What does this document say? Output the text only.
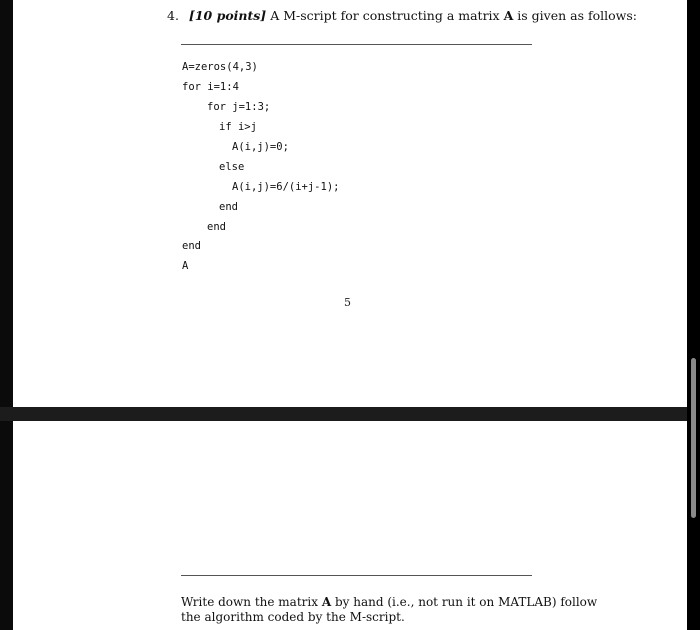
4. [10 points] A M-script for constructing a matrix A is given as follows:
A=zeros(4,3)
for i=1:4
for j=1:3;
if i>j
A(i,j)=0;
else
A(i,j)=6/(i+j-1);
end
end
end
A
5
Write down the matrix A by hand (i.e., not run it on MATLAB) follow
the algorithm coded by the M-script.
